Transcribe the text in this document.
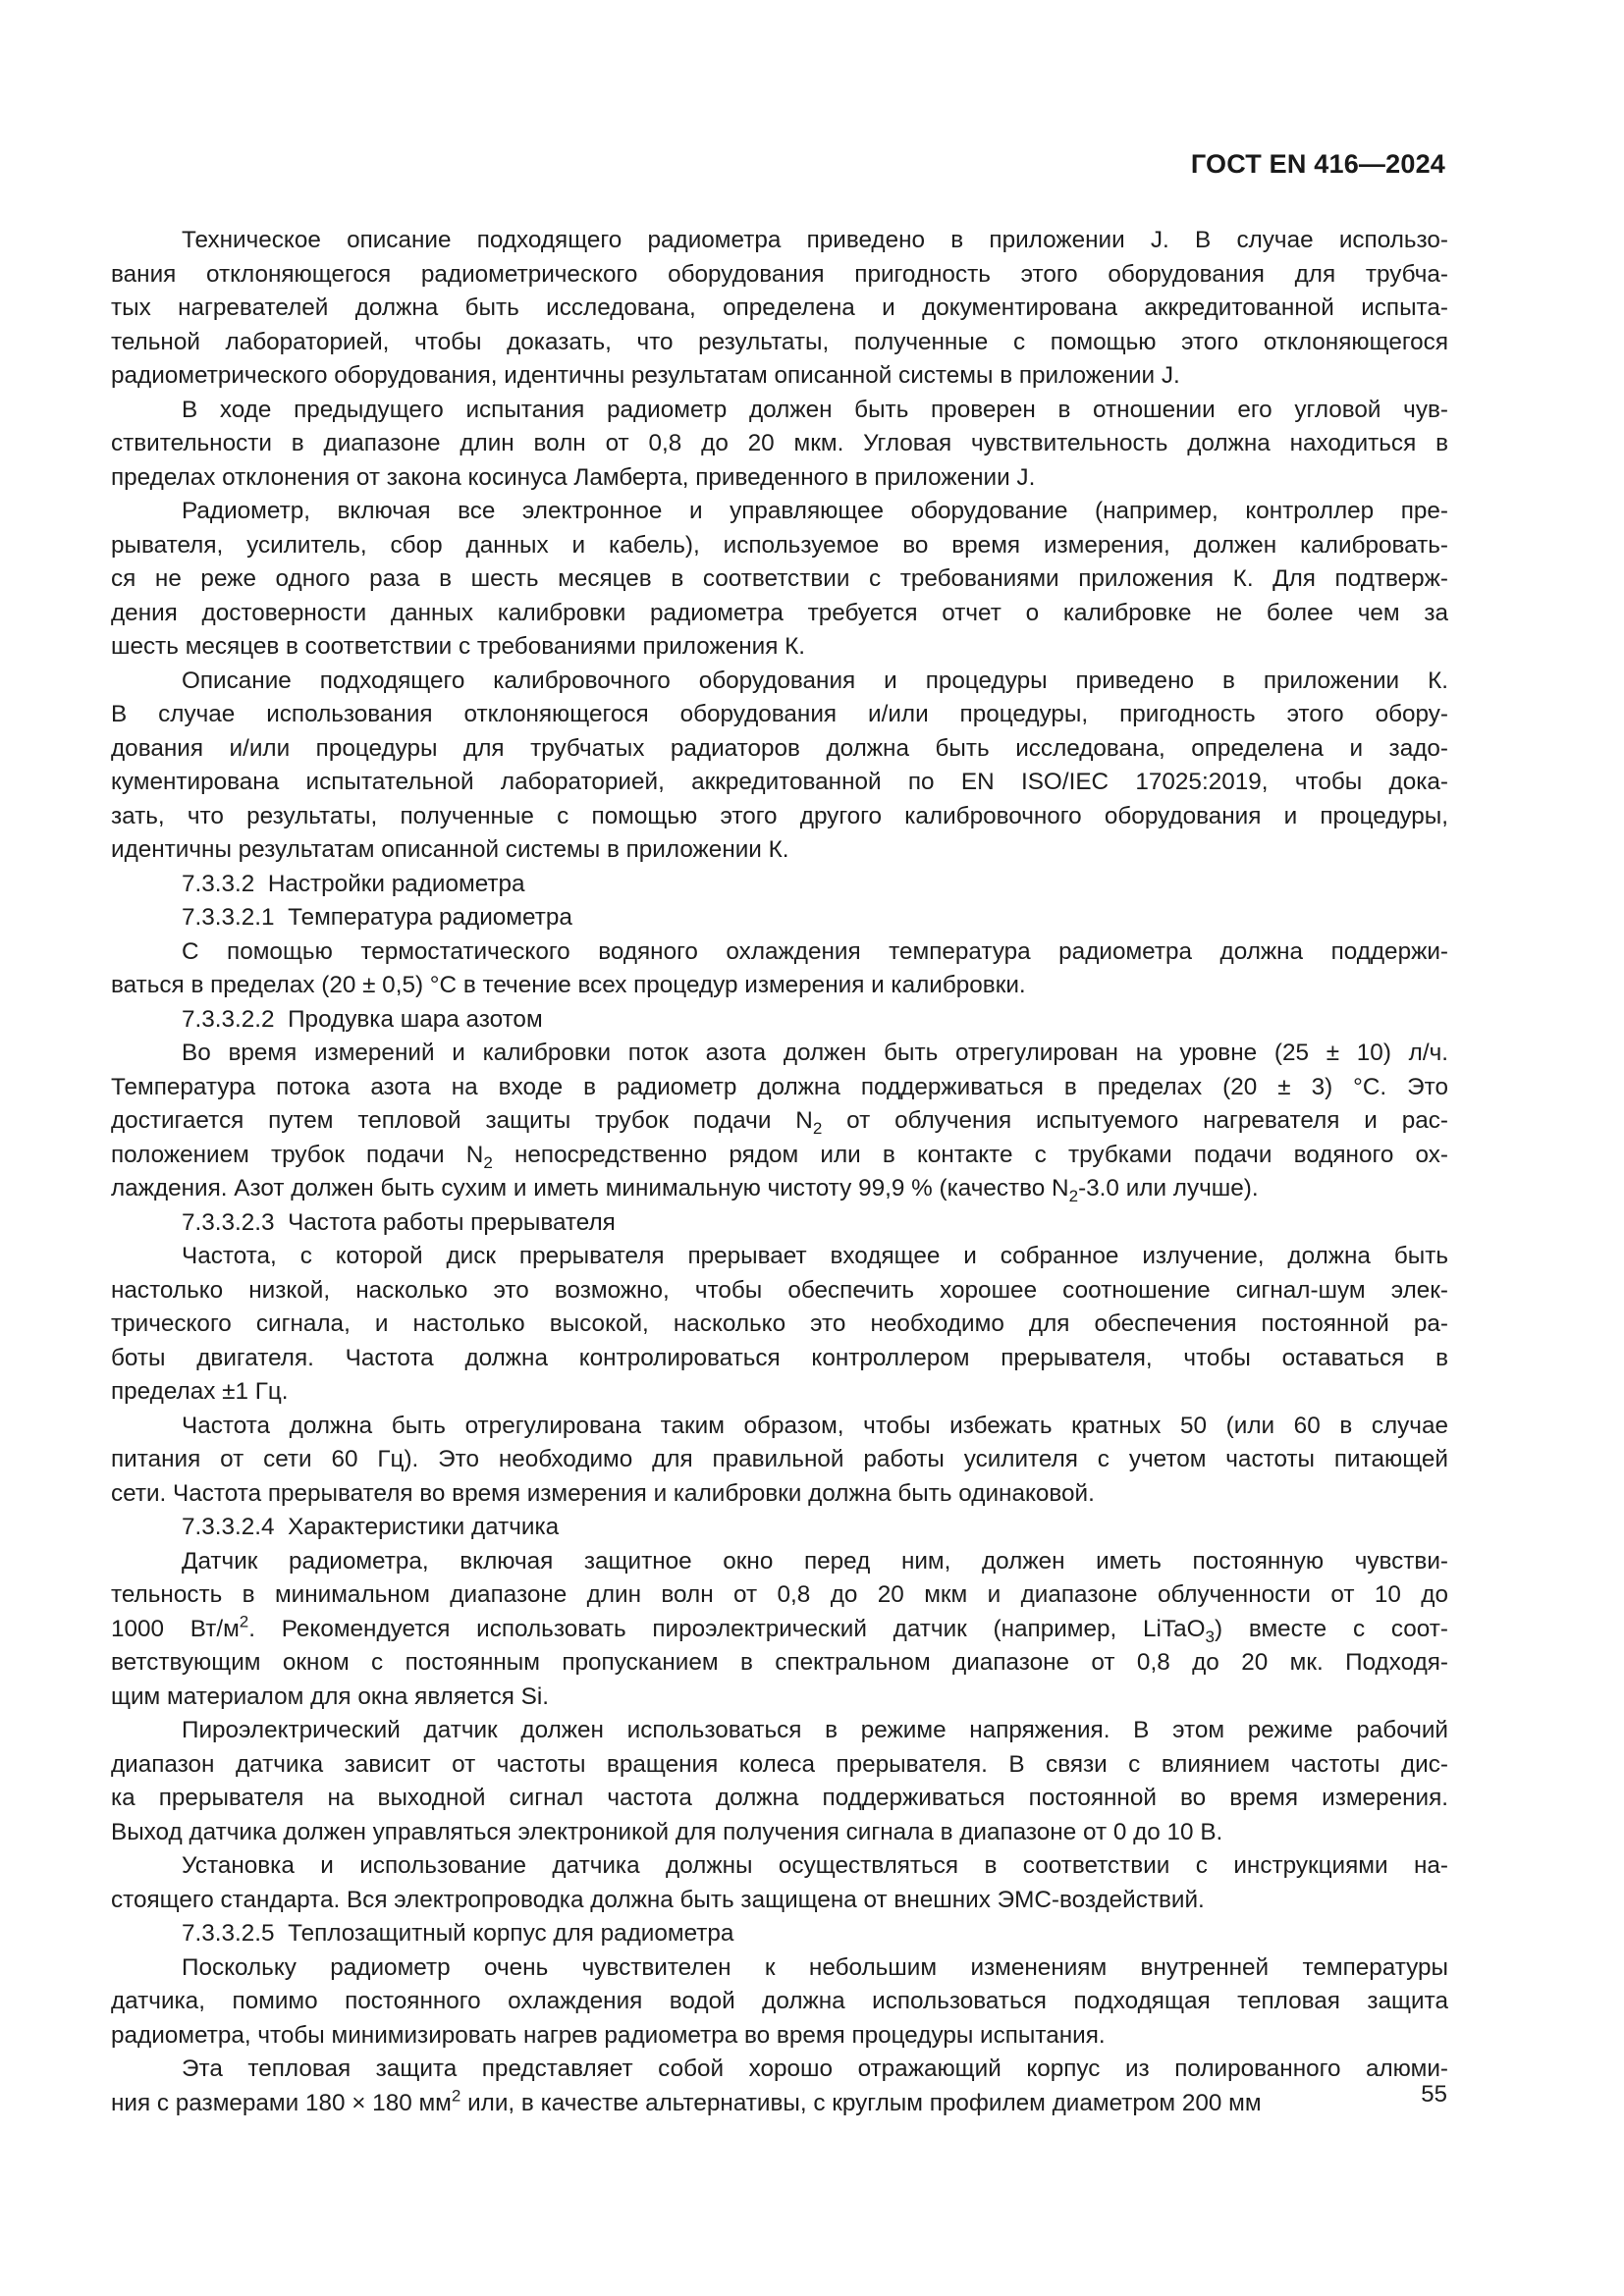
ГОСТ EN 416—2024
Техническое описание подходящего радиометра приведено в приложении J. В случае использо-
вания отклоняющегося радиометрического оборудования пригодность этого оборудования для трубча-
тых нагревателей должна быть исследована, определена и документирована аккредитованной испыта-
тельной лабораторией, чтобы доказать, что результаты, полученные с помощью этого отклоняющегося
радиометрического оборудования, идентичны результатам описанной системы в приложении J.
В ходе предыдущего испытания радиометр должен быть проверен в отношении его угловой чув-
ствительности в диапазоне длин волн от 0,8 до 20 мкм. Угловая чувствительность должна находиться в
пределах отклонения от закона косинуса Ламберта, приведенного в приложении J.
Радиометр, включая все электронное и управляющее оборудование (например, контроллер пре-
рывателя, усилитель, сбор данных и кабель), используемое во время измерения, должен калибровать-
ся не реже одного раза в шесть месяцев в соответствии с требованиями приложения К. Для подтверж-
дения достоверности данных калибровки радиометра требуется отчет о калибровке не более чем за
шесть месяцев в соответствии с требованиями приложения К.
Описание подходящего калибровочного оборудования и процедуры приведено в приложении К.
В случае использования отклоняющегося оборудования и/или процедуры, пригодность этого обору-
дования и/или процедуры для трубчатых радиаторов должна быть исследована, определена и задо-
кументирована испытательной лабораторией, аккредитованной по EN ISO/IEC 17025:2019, чтобы дока-
зать, что результаты, полученные с помощью этого другого калибровочного оборудования и процедуры,
идентичны результатам описанной системы в приложении К.
7.3.3.2 Настройки радиометра
7.3.3.2.1 Температура радиометра
С помощью термостатического водяного охлаждения температура радиометра должна поддержи-
ваться в пределах (20 ± 0,5) °С в течение всех процедур измерения и калибровки.
7.3.3.2.2 Продувка шара азотом
Во время измерений и калибровки поток азота должен быть отрегулирован на уровне (25 ± 10) л/ч.
Температура потока азота на входе в радиометр должна поддерживаться в пределах (20 ± 3) °С. Это
достигается путем тепловой защиты трубок подачи $N_2$ от облучения испытуемого нагревателя и рас-
положением трубок подачи $N_2$ непосредственно рядом или в контакте с трубками подачи водяного ох-
лаждения. Азот должен быть сухим и иметь минимальную чистоту 99,9 % (качество $N_2-3.0$ или лучше).
7.3.3.2.3 Частота работы прерывателя
Частота, с которой диск прерывателя прерывает входящее и собранное излучение, должна быть
настолько низкой, насколько это возможно, чтобы обеспечить хорошее соотношение сигнал-шум элек-
трического сигнала, и настолько высокой, насколько это необходимо для обеспечения постоянной ра-
боты двигателя. Частота должна контролироваться контроллером прерывателя, чтобы оставаться в
пределах ±1 Гц.
Частота должна быть отрегулирована таким образом, чтобы избежать кратных 50 (или 60 в случае
питания от сети 60 Гц). Это необходимо для правильной работы усилителя с учетом частоты питающей
сети. Частота прерывателя во время измерения и калибровки должна быть одинаковой.
7.3.3.2.4 Характеристики датчика
Датчик радиометра, включая защитное окно перед ним, должен иметь постоянную чувстви-
тельность в минимальном диапазоне длин волн от 0,8 до 20 мкм и диапазоне облученности от 10 до
1000 $Вт/м^2$. Рекомендуется использовать пироэлектрический датчик (например, LiTaO$_3$) вместе с соот-
ветствующим окном с постоянным пропусканием в спектральном диапазоне от 0,8 до 20 мк. Подходя-
щим материалом для окна является Si.
Пироэлектрический датчик должен использоваться в режиме напряжения. В этом режиме рабочий
диапазон датчика зависит от частоты вращения колеса прерывателя. В связи с влиянием частоты дис-
ка прерывателя на выходной сигнал частота должна поддерживаться постоянной во время измерения.
Выход датчика должен управляться электроникой для получения сигнала в диапазоне от 0 до 10 В.
Установка и использование датчика должны осуществляться в соответствии с инструкциями на-
стоящего стандарта. Вся электропроводка должна быть защищена от внешних ЭМС-воздействий.
7.3.3.2.5 Теплозащитный корпус для радиометра
Поскольку радиометр очень чувствителен к небольшим изменениям внутренней температуры
датчика, помимо постоянного охлаждения водой должна использоваться подходящая тепловая защита
радиометра, чтобы минимизировать нагрев радиометра во время процедуры испытания.
Эта тепловая защита представляет собой хорошо отражающий корпус из полированного алюми-
ния с размерами 180 × 180 $мм^2$ или, в качестве альтернативы, с круглым профилем диаметром 200 мм	55
